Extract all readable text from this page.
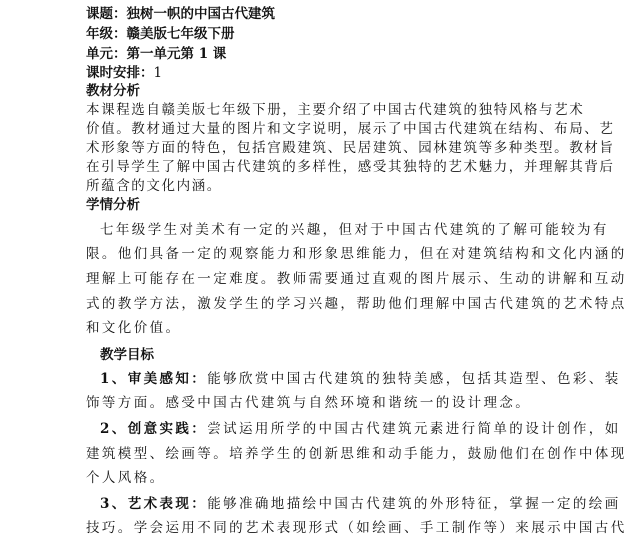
课题：独树一帜的中国古代建筑
年级：赣美版七年级下册
单元：第一单元第 1 课
课时安排：1
教材分析
本课程选自赣美版七年级下册，主要介绍了中国古代建筑的独特风格与艺术
价值。教材通过大量的图片和文字说明，展示了中国古代建筑在结构、布局、艺
术形象等方面的特色，包括宫殿建筑、民居建筑、园林建筑等多种类型。教材旨
在引导学生了解中国古代建筑的多样性，感受其独特的艺术魅力，并理解其背后
所蕴含的文化内涵。
学情分析
七年级学生对美术有一定的兴趣，但对于中国古代建筑的了解可能较为有
限。他们具备一定的观察能力和形象思维能力，但在对建筑结构和文化内涵的
理解上可能存在一定难度。教师需要通过直观的图片展示、生动的讲解和互动
式的教学方法，激发学生的学习兴趣，帮助他们理解中国古代建筑的艺术特点
和文化价值。
教学目标
1、审美感知：能够欣赏中国古代建筑的独特美感，包括其造型、色彩、装
饰等方面。感受中国古代建筑与自然环境和谐统一的设计理念。
2、创意实践：尝试运用所学的中国古代建筑元素进行简单的设计创作，如
建筑模型、绘画等。培养学生的创新思维和动手能力，鼓励他们在创作中体现
个人风格。
3、艺术表现：能够准确地描绘中国古代建筑的外形特征，掌握一定的绘画
技巧。学会运用不同的艺术表现形式（如绘画、手工制作等）来展示中国古代
